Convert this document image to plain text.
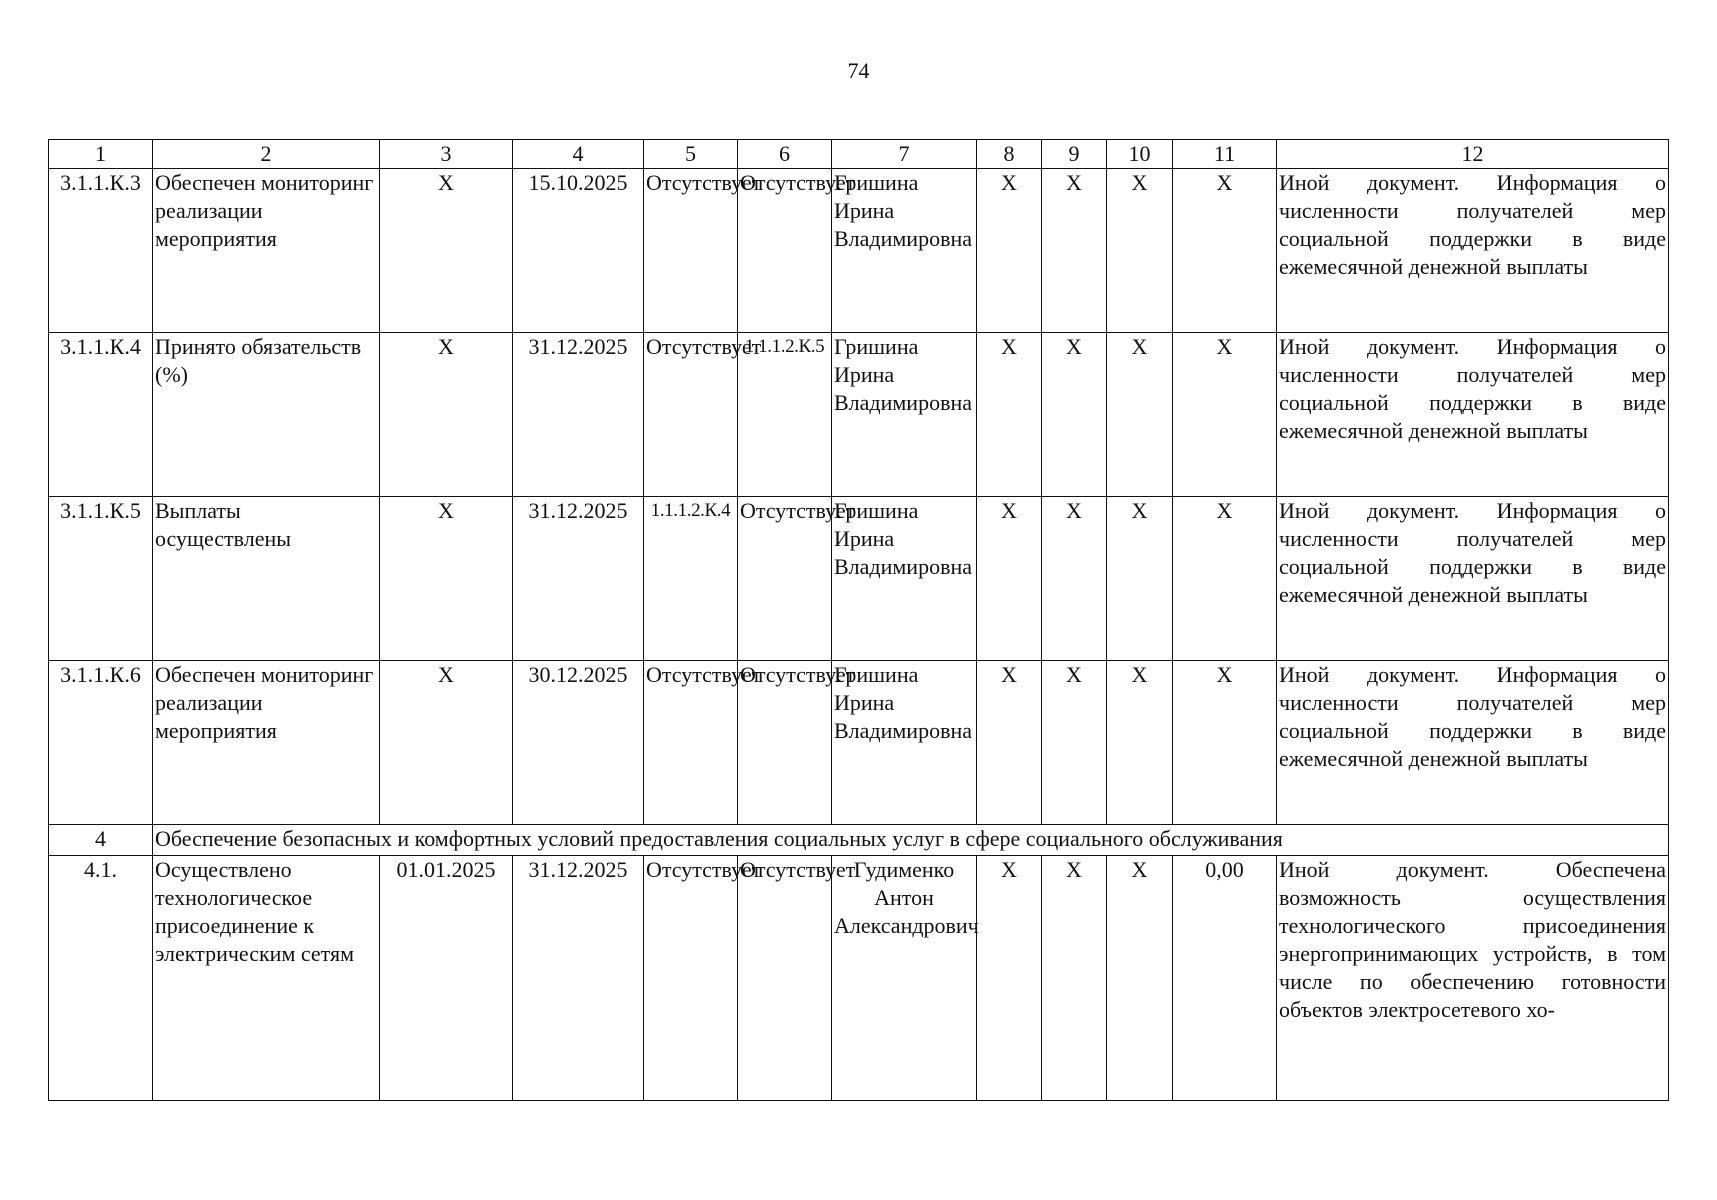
74
1	2	3	4	5	6	7	8	9	10	11	12
3.1.1.К.3	Обеспечен мониторинг реализации мероприятия	X	15.10.2025	Отсутствует	Отсутствует	Гришина Ирина Владимировна	X	X	X	X	Иной документ. Информация о численности получателей мер социальной поддержки в виде ежемесячной денежной выплаты
3.1.1.К.4	Принято обязательств (%)	X	31.12.2025	Отсутствует	1.1.1.2.К.5	Гришина Ирина Владимировна	X	X	X	X	Иной документ. Информация о численности получателей мер социальной поддержки в виде ежемесячной денежной выплаты
3.1.1.К.5	Выплаты осуществлены	X	31.12.2025	1.1.1.2.К.4	Отсутствует	Гришина Ирина Владимировна	X	X	X	X	Иной документ. Информация о численности получателей мер социальной поддержки в виде ежемесячной денежной выплаты
3.1.1.К.6	Обеспечен мониторинг реализации мероприятия	X	30.12.2025	Отсутствует	Отсутствует	Гришина Ирина Владимировна	X	X	X	X	Иной документ. Информация о численности получателей мер социальной поддержки в виде ежемесячной денежной выплаты
4	Обеспечение безопасных и комфортных условий предоставления социальных услуг в сфере социального обслуживания										
4.1.	Осуществлено технологическое присоединение к электрическим сетям	01.01.2025	31.12.2025	Отсутствует	Отсутствует	Гудименко Антон Александрович	X	X	X	0,00	Иной документ. Обеспечена возможность осуществления технологического присоединения энергопринимающих устройств, в том числе по обеспечению готовности объектов электросетевого хо-
